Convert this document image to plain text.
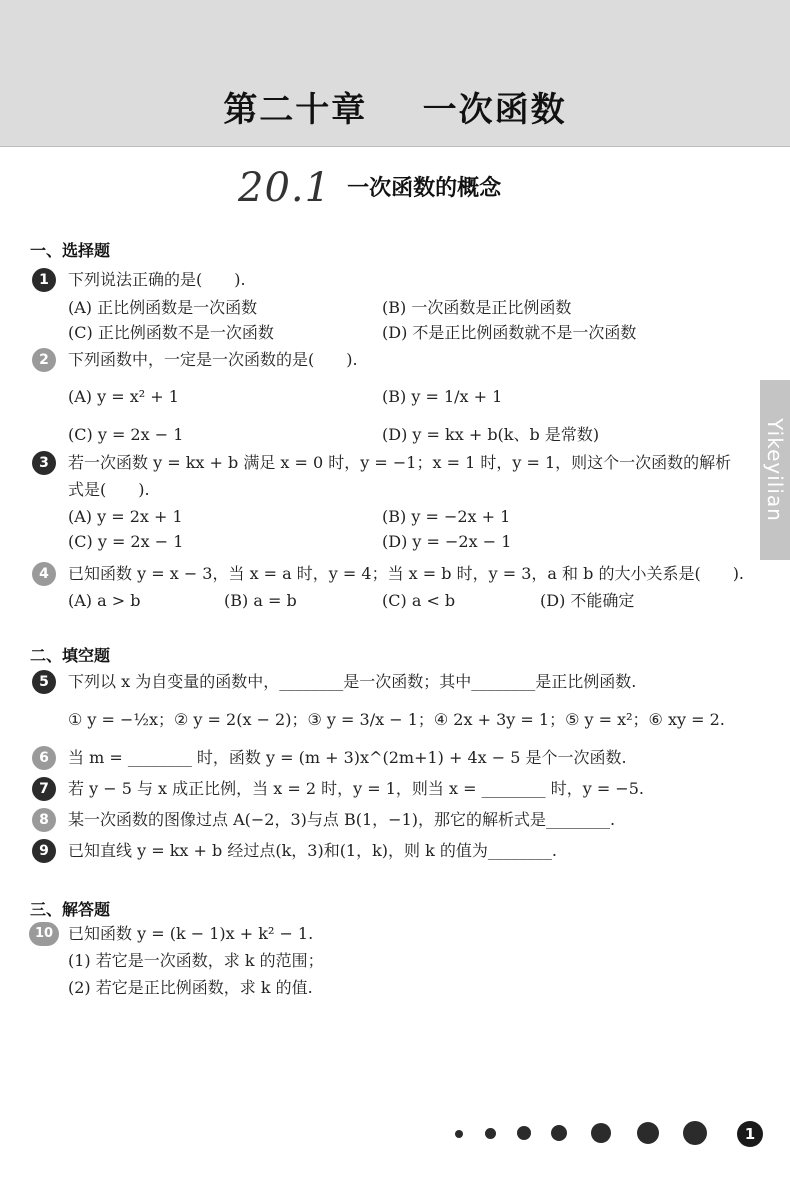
第二十章    一次函数
20.1 一次函数的概念
Yikeyilian
一、选择题
1	下列说法正确的是(　　).
(A) 正比例函数是一次函数	(B) 一次函数是正比例函数
(C) 正比例函数不是一次函数	(D) 不是正比例函数就不是一次函数
2	下列函数中，一定是一次函数的是(　　).
(A) y = x² + 1	(B) y = 1/x + 1
(C) y = 2x − 1	(D) y = kx + b(k、b 是常数)
3	若一次函数 y = kx + b 满足 x = 0 时，y = −1；x = 1 时，y = 1，则这个一次函数的解析
式是(　　).
(A) y = 2x + 1	(B) y = −2x + 1
(C) y = 2x − 1	(D) y = −2x − 1
4	已知函数 y = x − 3，当 x = a 时，y = 4；当 x = b 时，y = 3，a 和 b 的大小关系是(　　).
(A) a > b	(B) a = b	(C) a < b	(D) 不能确定
二、填空题
5	下列以 x 为自变量的函数中，________是一次函数；其中________是正比例函数.
① y = −½x；② y = 2(x − 2)；③ y = 3/x − 1；④ 2x + 3y = 1；⑤ y = x²；⑥ xy = 2.
6	当 m = ________ 时，函数 y = (m + 3)x^(2m+1) + 4x − 5 是个一次函数.
7	若 y − 5 与 x 成正比例，当 x = 2 时，y = 1，则当 x = ________ 时，y = −5.
8	某一次函数的图像过点 A(−2，3)与点 B(1，−1)，那它的解析式是________.
9	已知直线 y = kx + b 经过点(k，3)和(1，k)，则 k 的值为________.
三、解答题
10 已知函数 y = (k − 1)x + k² − 1.
(1) 若它是一次函数，求 k 的范围；
(2) 若它是正比例函数，求 k 的值.
1
